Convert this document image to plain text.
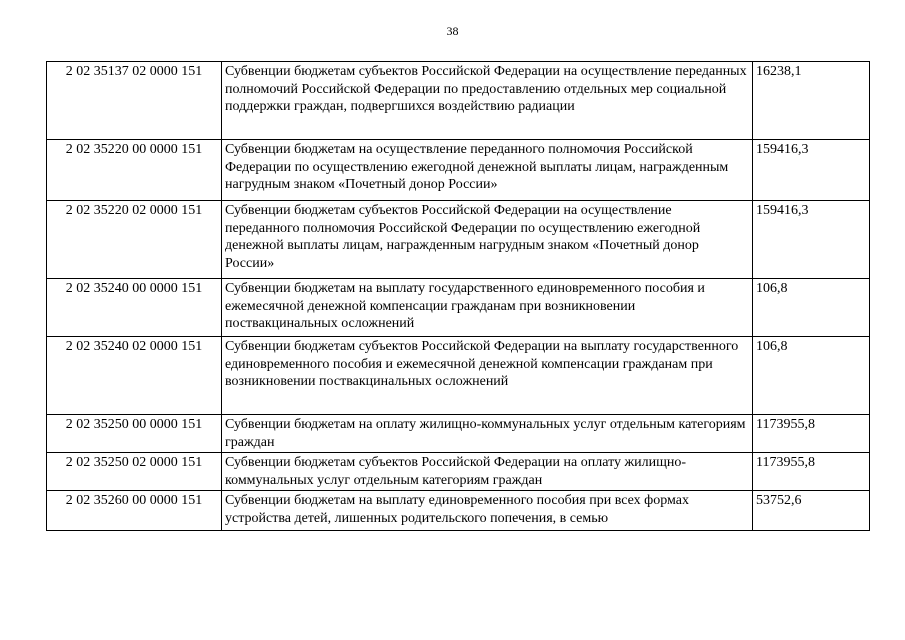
38
2 02 35137 02 0000 151	Субвенции бюджетам субъектов Российской Федерации на осуществление переданных полномочий Российской Федерации по предоставлению отдельных мер социальной поддержки граждан, подвергшихся воздействию радиации	16238,1
2 02 35220 00 0000 151	Субвенции бюджетам на осуществление переданного полномочия Российской Федерации по осуществлению ежегодной денежной выплаты лицам, награжденным нагрудным знаком «Почетный донор России»	159416,3
2 02 35220 02 0000 151	Субвенции бюджетам субъектов Российской Федерации на осуществление переданного полномочия Российской Федерации по осуществлению ежегодной денежной выплаты лицам, награжденным нагрудным знаком «Почетный донор России»	159416,3
2 02 35240 00 0000 151	Субвенции бюджетам на выплату государственного единовременного пособия и ежемесячной денежной компенсации гражданам при возникновении поствакцинальных осложнений	106,8
2 02 35240 02 0000 151	Субвенции бюджетам субъектов Российской Федерации на выплату государственного единовременного пособия и ежемесячной денежной компенсации гражданам при возникновении поствакцинальных осложнений	106,8
2 02 35250 00 0000 151	Субвенции бюджетам на оплату жилищно-коммунальных услуг отдельным категориям граждан	1173955,8
2 02 35250 02 0000 151	Субвенции бюджетам субъектов Российской Федерации на оплату жилищно-коммунальных услуг отдельным категориям граждан	1173955,8
2 02 35260 00 0000 151	Субвенции бюджетам на выплату единовременного пособия при всех формах устройства детей, лишенных родительского попечения, в семью	53752,6
